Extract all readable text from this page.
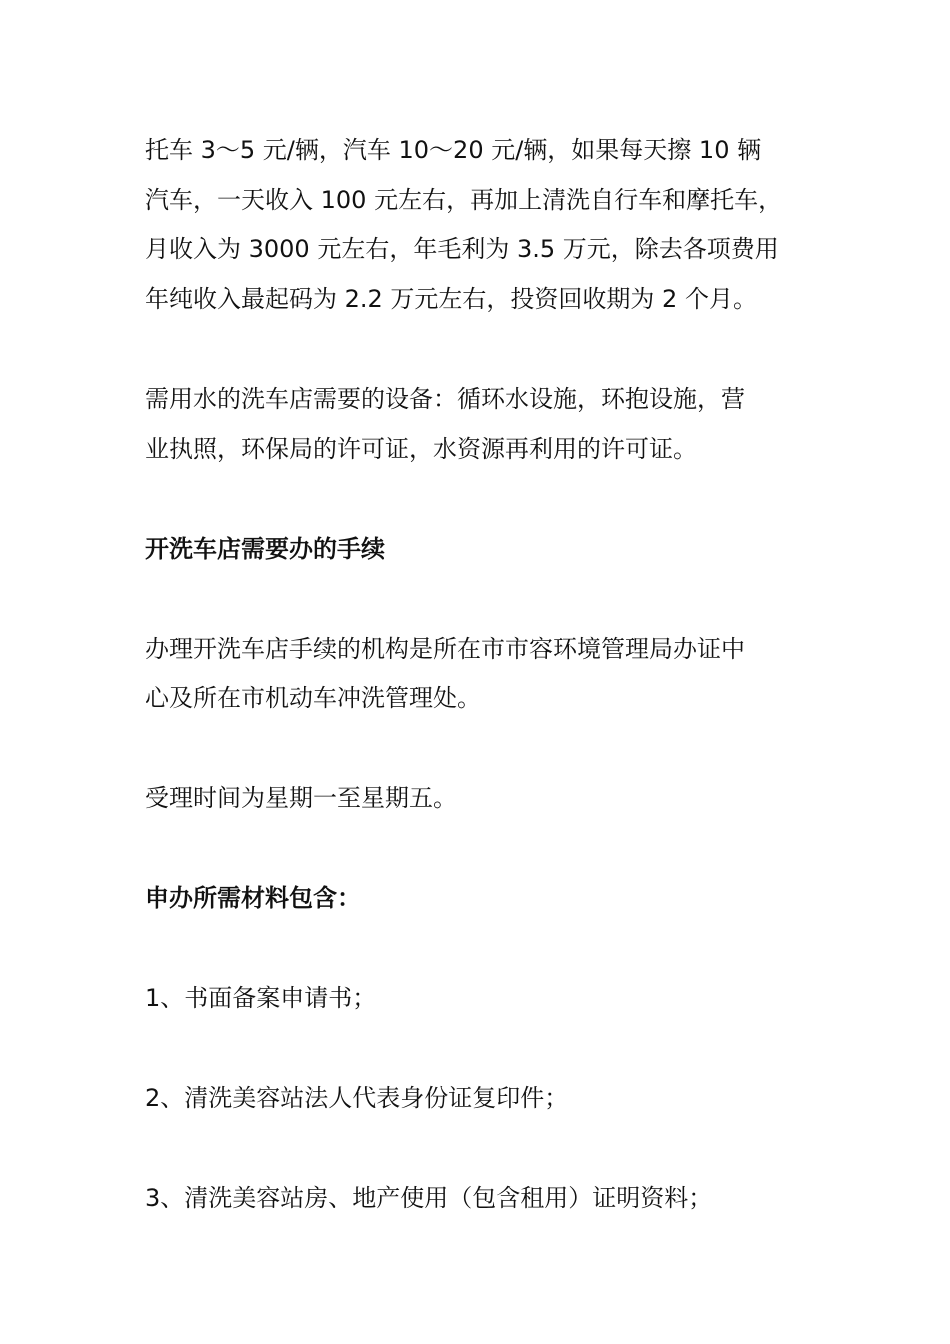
托车 3～5 元/辆，汽车 10～20 元/辆，如果每天擦 10 辆
汽车，一天收入 100 元左右，再加上清洗自行车和摩托车，
月收入为 3000 元左右，年毛利为 3.5 万元，除去各项费用
年纯收入最起码为 2.2 万元左右，投资回收期为 2 个月。
需用水的洗车店需要的设备：循环水设施，环抱设施，营
业执照，环保局的许可证，水资源再利用的许可证。
开洗车店需要办的手续
办理开洗车店手续的机构是所在市市容环境管理局办证中
心及所在市机动车冲洗管理处。
受理时间为星期一至星期五。
申办所需材料包含：
1、书面备案申请书；
2、清洗美容站法人代表身份证复印件；
3、清洗美容站房、地产使用（包含租用）证明资料；
